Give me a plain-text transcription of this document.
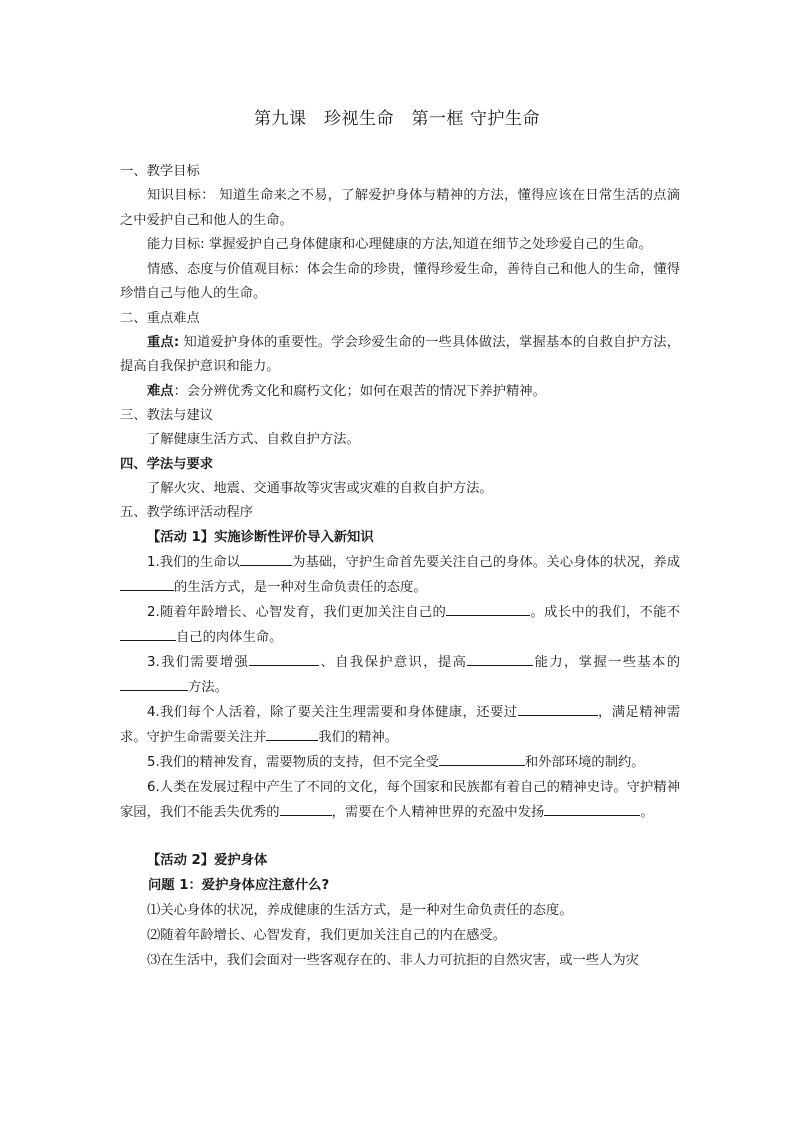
第九课　珍视生命　第一框 守护生命
一、教学目标

知识目标： 知道生命来之不易，了解爱护身体与精神的方法，懂得应该在日常生活的点滴之中爱护自己和他人的生命。

能力目标: 掌握爱护自己身体健康和心理健康的方法,知道在细节之处珍爱自己的生命。

情感、态度与价值观目标：体会生命的珍贵，懂得珍爱生命，善待自己和他人的生命，懂得珍惜自己与他人的生命。

二、重点难点

重点: 知道爱护身体的重要性。学会珍爱生命的一些具体做法，掌握基本的自救自护方法，提高自我保护意识和能力。

难点：会分辨优秀文化和腐朽文化；如何在艰苦的情况下养护精神。

三、教法与建议

了解健康生活方式、自救自护方法。

四、学法与要求

了解火灾、地震、交通事故等灾害或灾难的自救自护方法。

五、教学练评活动程序
【活动 1】实施诊断性评价导入新知识

1.我们的生命以	为基础，守护生命首先要关注自己的身体。关心身体的状况，养成的生活方式，是一种对生命负责任的态度。

2.随着年龄增长、心智发育，我们更加关注自己的	。成长中的我们，不能不自己的肉体生命。

3.我们需要增强	、自我保护意识，提高	能力，掌握一些基本的方法。

4.我们每个人活着，除了要关注生理需要和身体健康，还要过	，满足精神需求。守护生命需要关注并	我们的精神。

5.我们的精神发育，需要物质的支持，但不完全受	和外部环境的制约。

6.人类在发展过程中产生了不同的文化，每个国家和民族都有着自己的精神史诗。守护精神家园，我们不能丢失优秀的	，需要在个人精神世界的充盈中发扬	。

【活动 2】爱护身体
问题 1：爱护身体应注意什么?

⑴关心身体的状况，养成健康的生活方式，是一种对生命负责任的态度。

⑵随着年龄增长、心智发育，我们更加关注自己的内在感受。

⑶在生活中，我们会面对一些客观存在的、非人力可抗拒的自然灾害，或一些人为灾
